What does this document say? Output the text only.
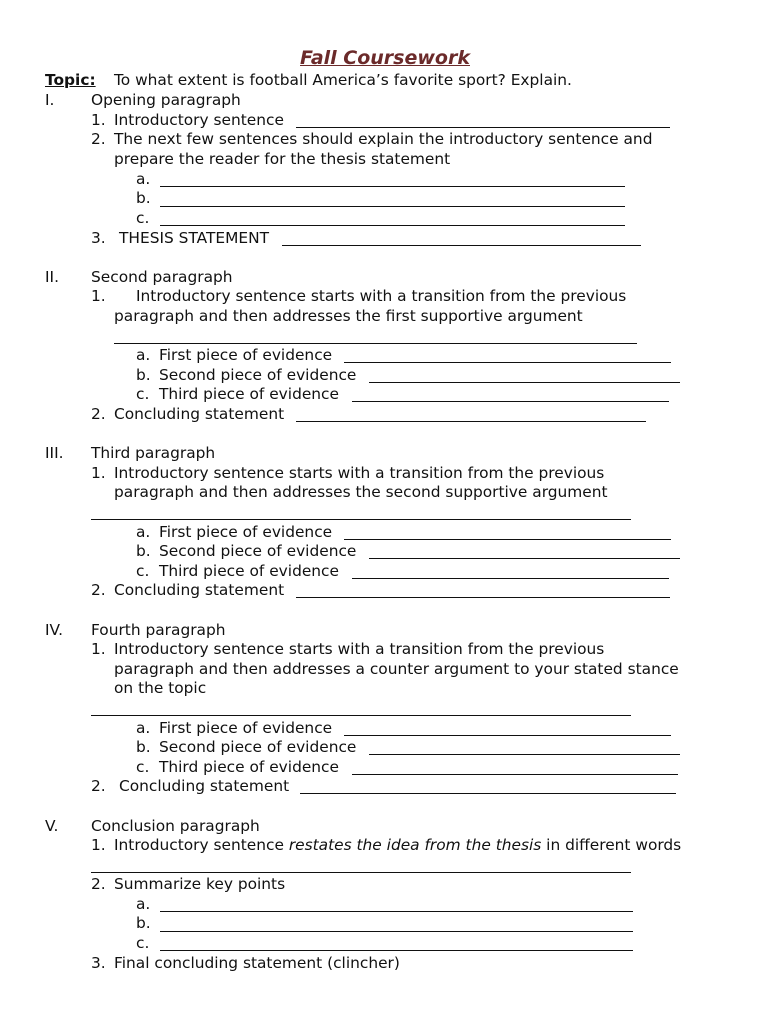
Fall Coursework
Topic: To what extent is football America’s favorite sport? Explain.
I. Opening paragraph
1. Introductory sentence
2. The next few sentences should explain the introductory sentence and
prepare the reader for the thesis statement
a.
b.
c.
3. THESIS STATEMENT
II. Second paragraph
1. Introductory sentence starts with a transition from the previous
paragraph and then addresses the first supportive argument
a. First piece of evidence
b. Second piece of evidence
c. Third piece of evidence
2. Concluding statement
III. Third paragraph
1. Introductory sentence starts with a transition from the previous
paragraph and then addresses the second supportive argument
a. First piece of evidence
b. Second piece of evidence
c. Third piece of evidence
2. Concluding statement
IV. Fourth paragraph
1. Introductory sentence starts with a transition from the previous
paragraph and then addresses a counter argument to your stated stance
on the topic
a. First piece of evidence
b. Second piece of evidence
c. Third piece of evidence
2. Concluding statement
V. Conclusion paragraph
1. Introductory sentence restates the idea from the thesis in different words
2. Summarize key points
a.
b.
c.
3. Final concluding statement (clincher)
